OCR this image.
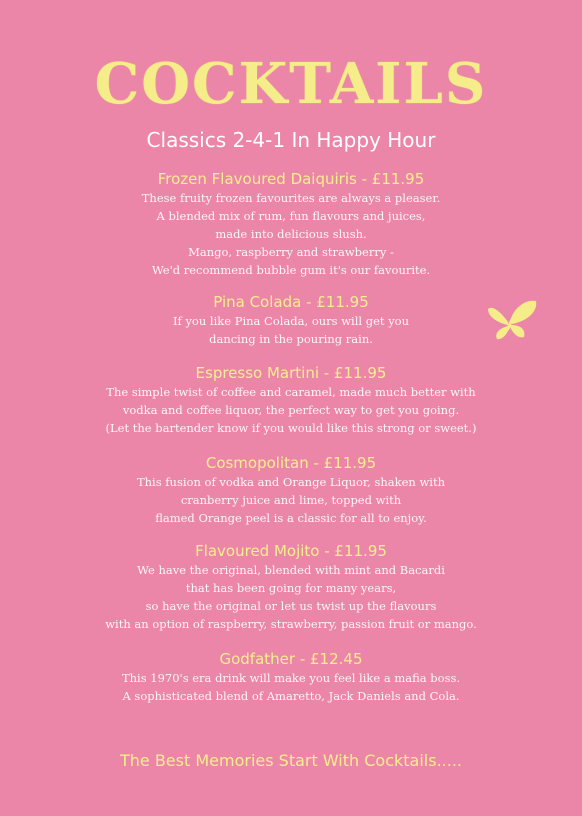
COCKTAILS
Classics 2-4-1 In Happy Hour
Frozen Flavoured Daiquiris - £11.95
These fruity frozen favourites are always a pleaser.
A blended mix of rum, fun flavours and juices,
made into delicious slush.
Mango, raspberry and strawberry -
We'd recommend bubble gum it's our favourite.
Pina Colada - £11.95
If you like Pina Colada, ours will get you
dancing in the pouring rain.
Espresso Martini - £11.95
The simple twist of coffee and caramel, made much better with
vodka and coffee liquor, the perfect way to get you going.
(Let the bartender know if you would like this strong or sweet.)
Cosmopolitan - £11.95
This fusion of vodka and Orange Liquor, shaken with
cranberry juice and lime, topped with
flamed Orange peel is a classic for all to enjoy.
Flavoured Mojito - £11.95
We have the original, blended with mint and Bacardi
that has been going for many years,
so have the original or let us twist up the flavours
with an option of raspberry, strawberry, passion fruit or mango.
Godfather - £12.45
This 1970's era drink will make you feel like a mafia boss.
A sophisticated blend of Amaretto, Jack Daniels and Cola.
The Best Memories Start With Cocktails.....
